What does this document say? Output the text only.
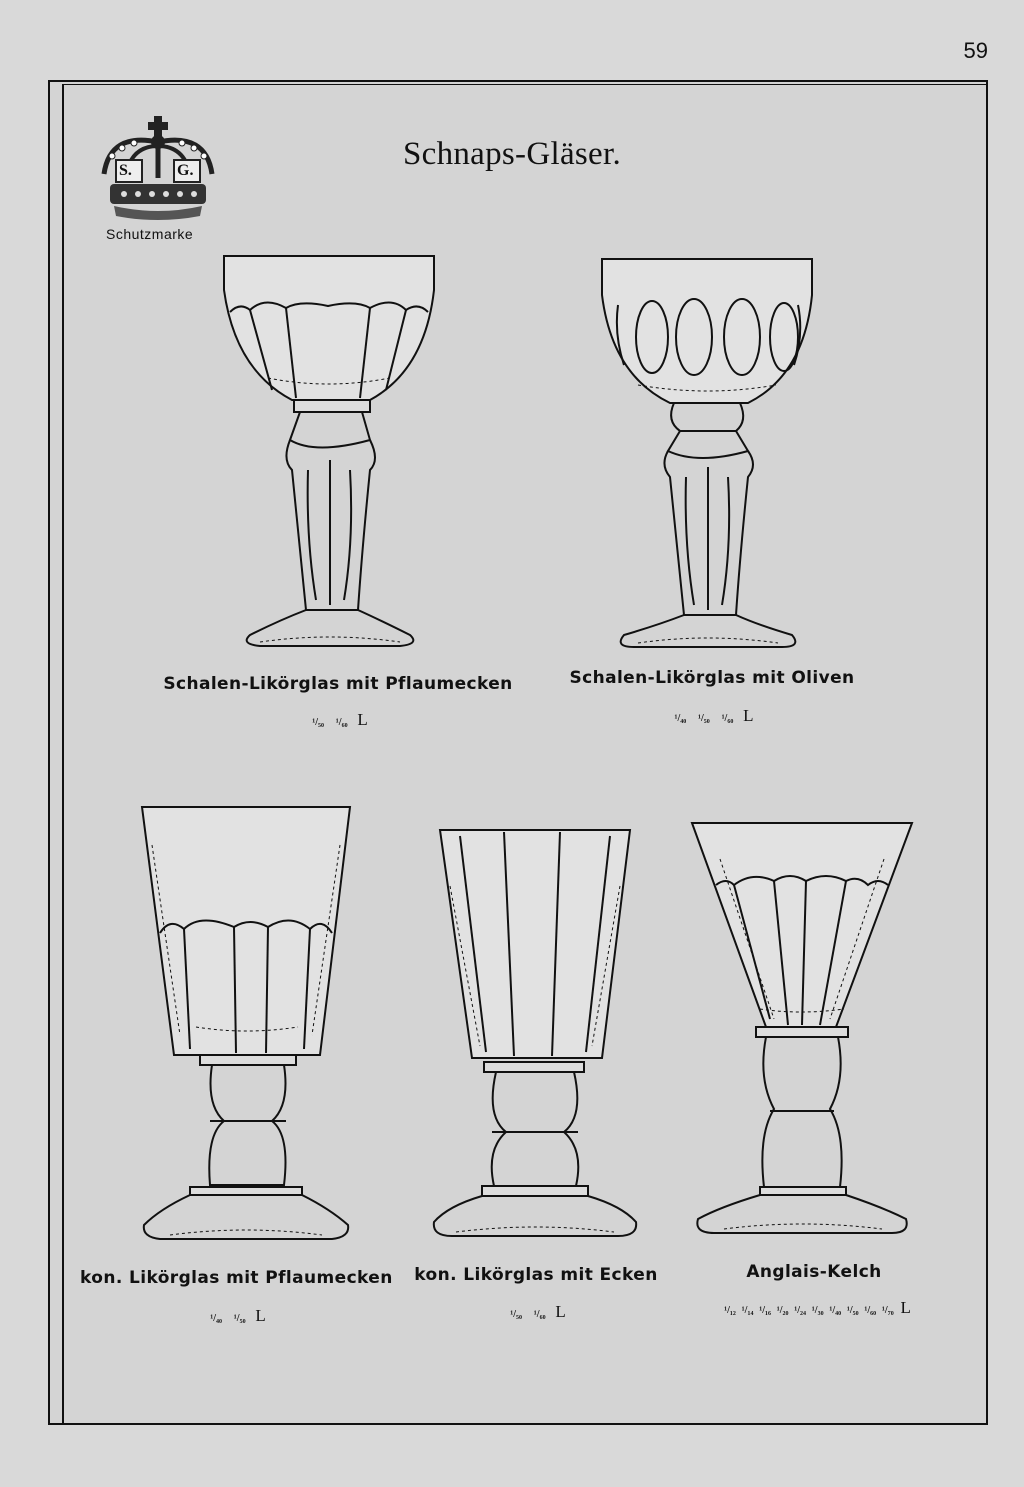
59
Schnaps-Gläser.
S.	G.
Schutzmarke
Schalen-Likörglas mit Pflaumecken
¹/₅₀ ¹/₆₀ L
Schalen-Likörglas mit Oliven
¹/₄₀ ¹/₅₀ ¹/₆₀ L
kon. Likörglas mit Pflaumecken
¹/₄₀ ¹/₅₀ L
kon. Likörglas mit Ecken
¹/₅₀ ¹/₆₀ L
Anglais-Kelch
¹/₁₂ ¹/₁₄ ¹/₁₆ ¹/₂₀ ¹/₂₄ ¹/₃₀ ¹/₄₀ ¹/₅₀ ¹/₆₀ ¹/₇₀ L
